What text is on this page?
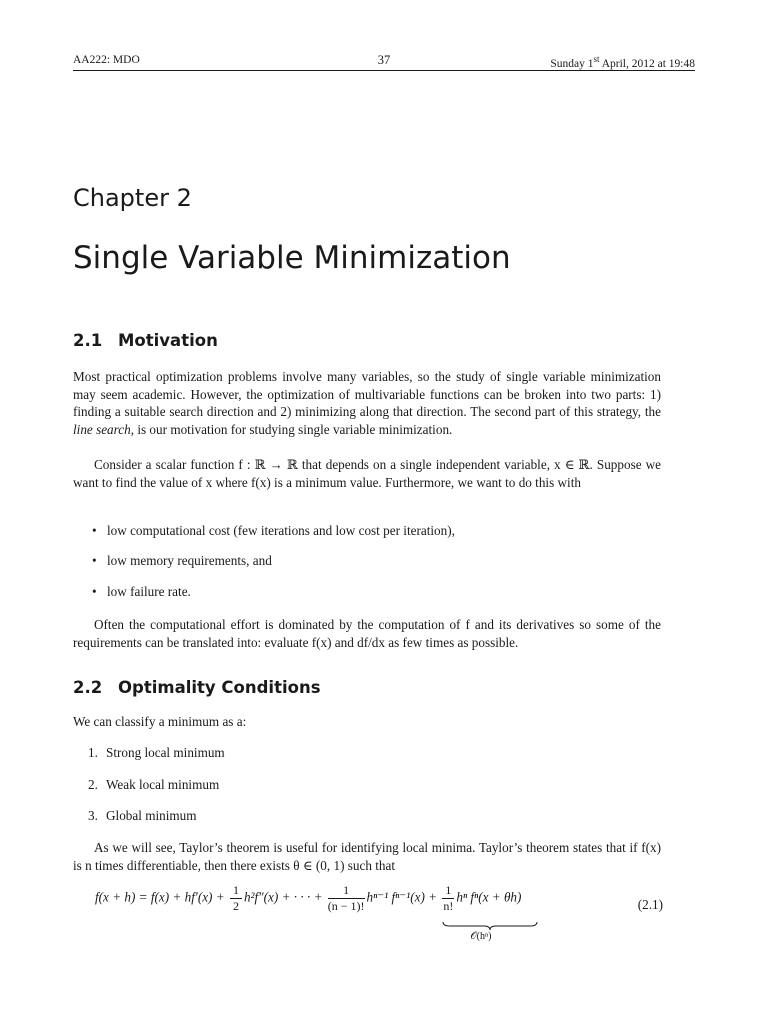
AA222: MDO	37	Sunday 1st April, 2012 at 19:48
Chapter 2
Single Variable Minimization
2.1 Motivation

Most practical optimization problems involve many variables, so the study of single variable minimization may seem academic. However, the optimization of multivariable functions can be broken into two parts: 1) finding a suitable search direction and 2) minimizing along that direction. The second part of this strategy, the line search, is our motivation for studying single variable minimization.

Consider a scalar function f : ℝ → ℝ that depends on a single independent variable, x ∈ ℝ. Suppose we want to find the value of x where f(x) is a minimum value. Furthermore, we want to do this with

• low computational cost (few iterations and low cost per iteration),
• low memory requirements, and
• low failure rate.

Often the computational effort is dominated by the computation of f and its derivatives so some of the requirements can be translated into: evaluate f(x) and df/dx as few times as possible.

2.2 Optimality Conditions

We can classify a minimum as a:

1. Strong local minimum
2. Weak local minimum
3. Global minimum

As we will see, Taylor’s theorem is useful for identifying local minima. Taylor’s theorem states that if f(x) is n times differentiable, then there exists θ ∈ (0, 1) such that

$f(x + h) = f(x) + hf'(x) + \frac{1}{2} h^2f''(x)$ + · · · + $\frac{1}{(n - 1)!} h^{n-1}$ $f^{n-1}(x) + \frac{1}{n!}$ hⁿ fⁿ(x + θh)
𝒪(hⁿ)
(2.1)
